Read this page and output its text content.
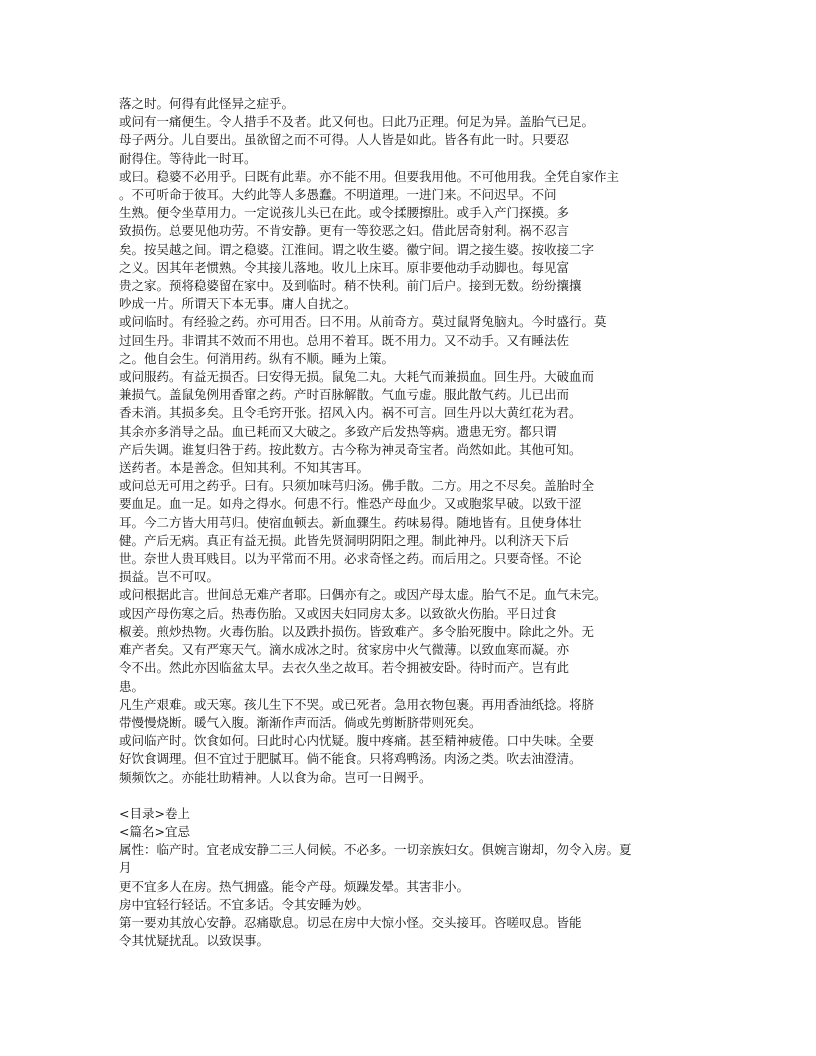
落之时。何得有此怪异之症乎。
或问有一痛便生。令人措手不及者。此又何也。曰此乃正理。何足为异。盖胎气已足。
母子两分。儿自要出。虽欲留之而不可得。人人皆是如此。皆各有此一时。只要忍
耐得住。等待此一时耳。
或曰。稳婆不必用乎。曰既有此辈。亦不能不用。但要我用他。不可他用我。全凭自家作主
。不可听命于彼耳。大约此等人多愚蠢。不明道理。一进门来。不问迟早。不问
生熟。便令坐草用力。一定说孩儿头已在此。或令揉腰擦肚。或手入产门探摸。多
致损伤。总要见他功劳。不肯安静。更有一等狡恶之妇。借此居奇射利。祸不忍言
矣。按吴越之间。谓之稳婆。江淮间。谓之收生婆。徽宁间。谓之接生婆。按收接二字
之义。因其年老惯熟。令其接儿落地。收儿上床耳。原非要他动手动脚也。每见富
贵之家。预将稳婆留在家中。及到临时。稍不快利。前门后户。接到无数。纷纷攘攘
吵成一片。所谓天下本无事。庸人自扰之。
或问临时。有经验之药。亦可用否。曰不用。从前奇方。莫过鼠肾兔脑丸。今时盛行。莫
过回生丹。非谓其不效而不用也。总用不着耳。既不用力。又不动手。又有睡法佐
之。他自会生。何消用药。纵有不顺。睡为上策。
或问服药。有益无损否。曰安得无损。鼠兔二丸。大耗气而兼损血。回生丹。大破血而
兼损气。盖鼠兔例用香窜之药。产时百脉解散。气血亏虚。服此散气药。儿已出而
香未消。其损多矣。且令毛窍开张。招风入内。祸不可言。回生丹以大黄红花为君。
其余亦多消导之品。血已耗而又大破之。多致产后发热等病。遗患无穷。都只谓
产后失调。谁复归咎于药。按此数方。古今称为神灵奇宝者。尚然如此。其他可知。
送药者。本是善念。但知其利。不知其害耳。
或问总无可用之药乎。曰有。只须加味芎归汤。佛手散。二方。用之不尽矣。盖胎时全
要血足。血一足。如舟之得水。何患不行。惟恐产母血少。又或胞浆早破。以致干涩
耳。今二方皆大用芎归。使宿血顿去。新血骤生。药味易得。随地皆有。且使身体壮
健。产后无病。真正有益无损。此皆先贤洞明阴阳之理。制此神丹。以利济天下后
世。奈世人贵耳贱目。以为平常而不用。必求奇怪之药。而后用之。只要奇怪。不论
损益。岂不可叹。
或问根据此言。世间总无难产者耶。曰偶亦有之。或因产母太虚。胎气不足。血气未完。
或因产母伤寒之后。热毒伤胎。又或因夫妇同房太多。以致欲火伤胎。平日过食
椒姜。煎炒热物。火毒伤胎。以及跌扑损伤。皆致难产。多令胎死腹中。除此之外。无
难产者矣。又有严寒天气。滴水成冰之时。贫家房中火气微薄。以致血寒而凝。亦
令不出。然此亦因临盆太早。去衣久坐之故耳。若令拥被安卧。待时而产。岂有此
患。
凡生产艰难。或天寒。孩儿生下不哭。或已死者。急用衣物包裹。再用香油纸捻。将脐
带慢慢烧断。暖气入腹。渐渐作声而活。倘或先剪断脐带则死矣。
或问临产时。饮食如何。曰此时心内忧疑。腹中疼痛。甚至精神疲倦。口中失味。全要
好饮食调理。但不宜过于肥腻耳。倘不能食。只将鸡鸭汤。肉汤之类。吹去油澄清。
频频饮之。亦能壮助精神。人以食为命。岂可一日阙乎。
<目录>卷上
<篇名>宜忌
属性：临产时。宜老成安静二三人伺候。不必多。一切亲族妇女。俱婉言谢却，勿令入房。夏
月
更不宜多人在房。热气拥盛。能令产母。烦躁发晕。其害非小。
房中宜轻行轻话。不宜多话。令其安睡为妙。
第一要劝其放心安静。忍痛歇息。切忌在房中大惊小怪。交头接耳。咨嗟叹息。皆能
令其忧疑扰乱。以致误事。
